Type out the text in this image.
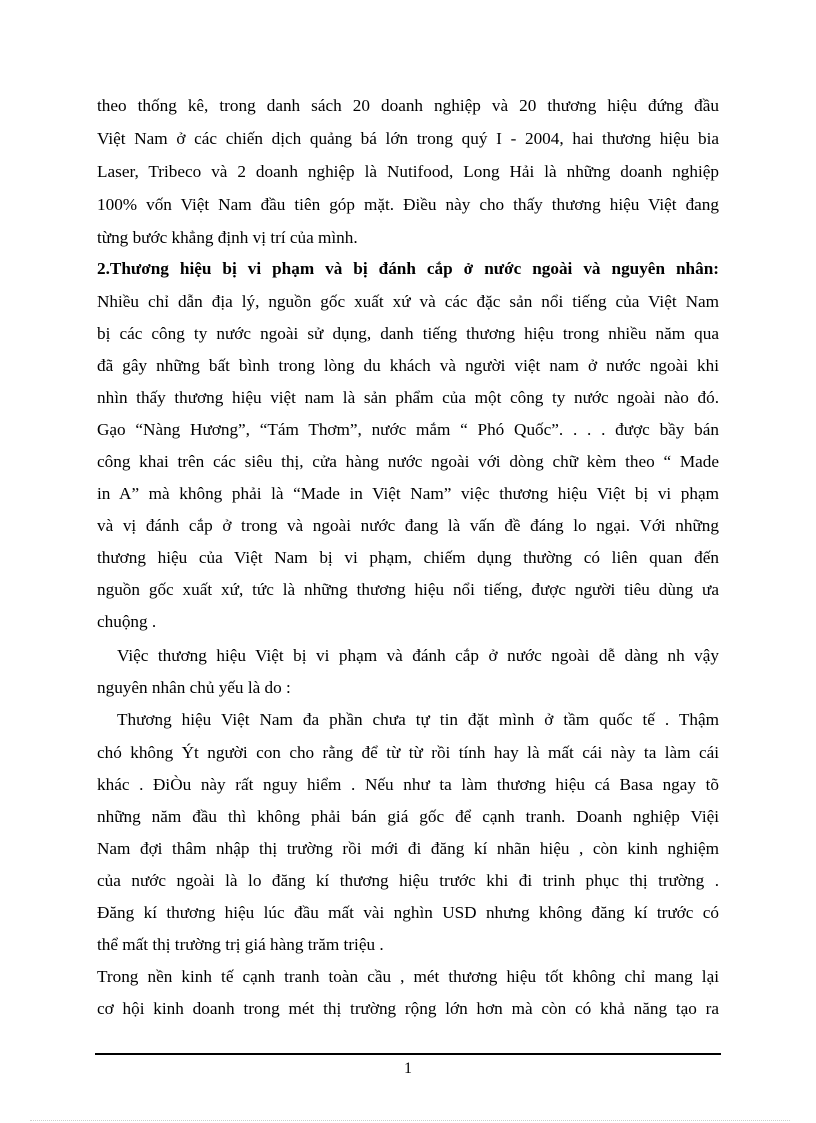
theo thống kê, trong danh sách 20 doanh nghiệp và 20 thương hiệu đứng đầu
Việt Nam ở các chiến dịch quảng bá lớn trong quý I - 2004, hai thương hiệu bia
Laser, Tribeco và 2 doanh nghiệp là Nutifood, Long Hải là những doanh nghiệp
100% vốn Việt Nam đầu tiên góp mặt. Điều này cho thấy thương hiệu Việt đang
từng bước khẳng định vị trí của mình.
2.Thương hiệu bị vi phạm và bị đánh cắp ở nước ngoài và nguyên nhân:
Nhiều chỉ dẫn địa lý, nguồn gốc xuất xứ và các đặc sản nổi tiếng của Việt Nam
bị các công ty nước ngoài sử dụng, danh tiếng thương hiệu trong nhiều năm qua
đã gây những bất bình trong lòng du khách và người việt nam ở nước ngoài khi
nhìn thấy thương hiệu việt nam là sản phẩm của một công ty nước ngoài nào đó.
Gạo “Nàng Hương”, “Tám Thơm”, nước mắm “ Phó Quốc”. . . . được bầy bán
công khai trên các siêu thị, cửa hàng nước ngoài với dòng chữ kèm theo “ Made
in A” mà không phải là “Made in Việt Nam” việc thương hiệu Việt bị vi phạm
và vị đánh cắp ở trong và ngoài nước đang là vấn đề đáng lo ngại. Với những
thương hiệu của Việt Nam bị vi phạm, chiếm dụng thường có liên quan đến
nguồn gốc xuất xứ, tức là những thương hiệu nổi tiếng, được người tiêu dùng ưa
chuộng .
Việc thương hiệu Việt bị vi phạm và đánh cắp ở nước ngoài dễ dàng nh vậy
nguyên nhân chủ yếu là do :
Thương hiệu Việt Nam đa phần chưa tự tin đặt mình ở tầm quốc tế . Thậm
chó không Ýt người con cho rằng để từ từ rồi tính hay là mất cái này ta làm cái
khác . ĐiÒu này rất nguy hiểm . Nếu như ta làm thương hiệu cá Basa ngay tõ
những năm đầu thì không phải bán giá gốc để cạnh tranh. Doanh nghiệp Việi
Nam đợi thâm nhập thị trường rồi mới đi đăng kí nhãn hiệu , còn kinh nghiệm
của nước ngoài là lo đăng kí thương hiệu trước khi đi trinh phục thị trường .
Đăng kí thương hiệu lúc đầu mất vài nghìn USD nhưng không đăng kí trước có
thể mất thị trường trị giá hàng trăm triệu .
Trong nền kinh tế cạnh tranh toàn cầu , mét thương hiệu tốt không chỉ mang lại
cơ hội kinh doanh trong mét thị trường rộng lớn hơn mà còn có khả năng tạo ra
1
